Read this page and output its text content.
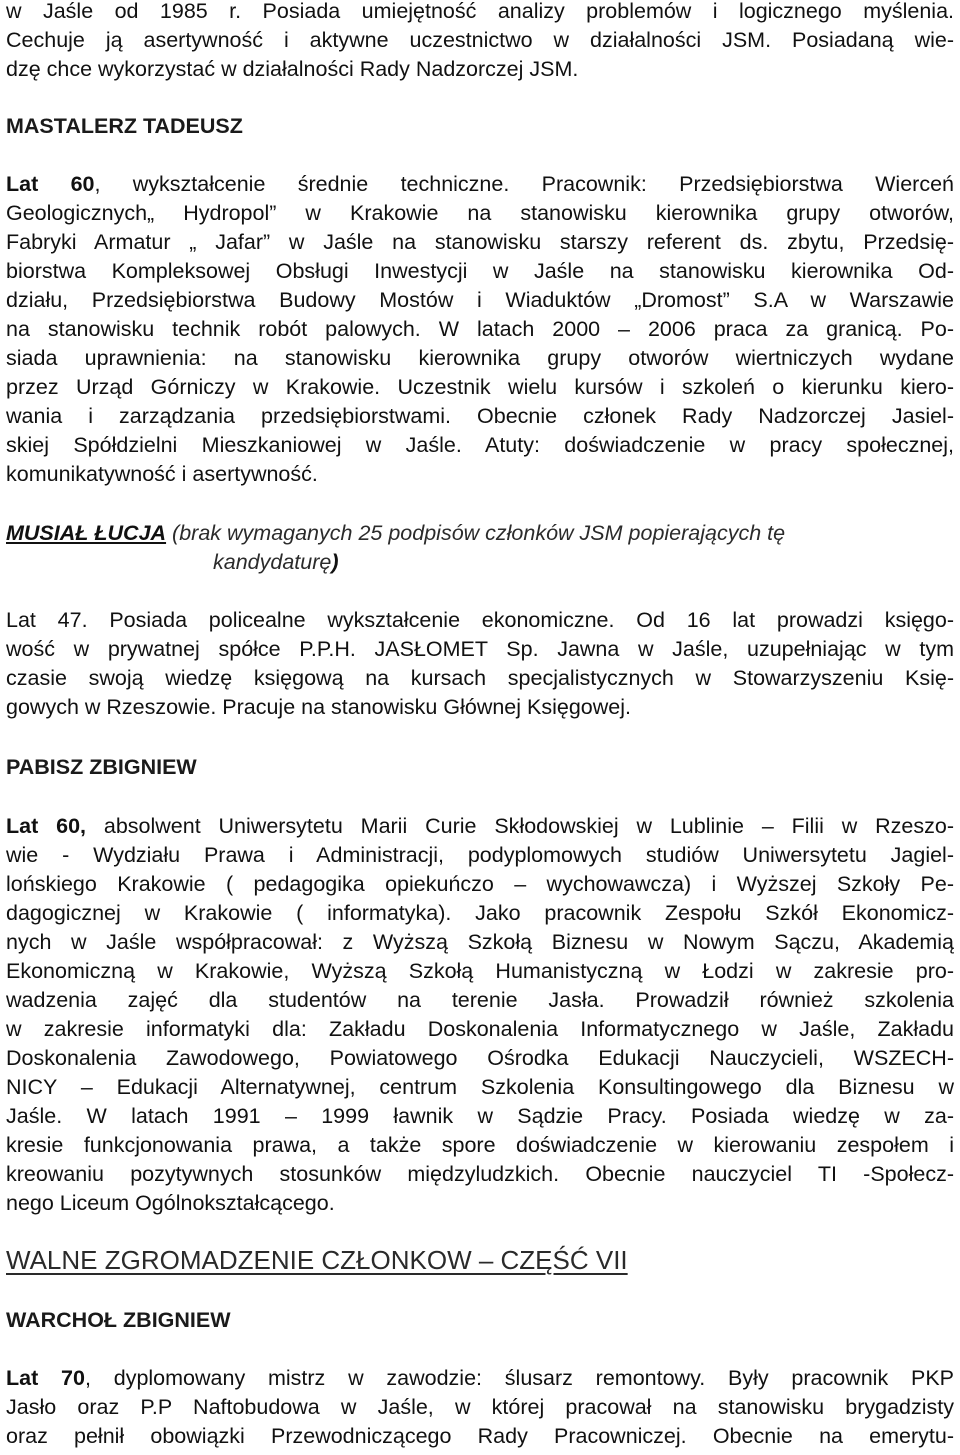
w Jaśle od 1985 r. Posiada umiejętność analizy problemów i logicznego myślenia.
Cechuje ją asertywność i aktywne uczestnictwo w działalności JSM. Posiadaną wie-
dzę chce wykorzystać w działalności Rady Nadzorczej JSM.

MASTALERZ TADEUSZ

Lat 60, wykształcenie średnie techniczne. Pracownik: Przedsiębiorstwa Wierceń
Geologicznych„ Hydropol” w Krakowie na stanowisku kierownika grupy otworów,
Fabryki Armatur „ Jafar” w Jaśle na stanowisku starszy referent ds. zbytu, Przedsię-
biorstwa Kompleksowej Obsługi Inwestycji w Jaśle na stanowisku kierownika Od-
działu, Przedsiębiorstwa Budowy Mostów i Wiaduktów „Dromost” S.A w Warszawie
na stanowisku technik robót palowych. W latach 2000 – 2006 praca za granicą. Po-
siada uprawnienia: na stanowisku kierownika grupy otworów wiertniczych wydane
przez Urząd Górniczy w Krakowie. Uczestnik wielu kursów i szkoleń o kierunku kiero-
wania i zarządzania przedsiębiorstwami. Obecnie członek Rady Nadzorczej Jasiel-
skiej Spółdzielni Mieszkaniowej w Jaśle. Atuty: doświadczenie w pracy społecznej,
komunikatywność i asertywność.

MUSIAŁ ŁUCJA (brak wymaganych 25 podpisów członków JSM popierających tę
kandydaturę)

Lat 47. Posiada policealne wykształcenie ekonomiczne. Od 16 lat prowadzi księgo-
wość w prywatnej spółce P.P.H. JASŁOMET Sp. Jawna w Jaśle, uzupełniając w tym
czasie swoją wiedzę księgową na kursach specjalistycznych w Stowarzyszeniu Księ-
gowych w Rzeszowie. Pracuje na stanowisku Głównej Księgowej.

PABISZ ZBIGNIEW

Lat 60, absolwent Uniwersytetu Marii Curie Skłodowskiej w Lublinie – Filii w Rzeszo-
wie - Wydziału Prawa i Administracji, podyplomowych studiów Uniwersytetu Jagiel-
lońskiego Krakowie ( pedagogika opiekuńczo – wychowawcza) i Wyższej Szkoły Pe-
dagogicznej w Krakowie ( informatyka). Jako pracownik Zespołu Szkół Ekonomicz-
nych w Jaśle współpracował: z Wyższą Szkołą Biznesu w Nowym Sączu, Akademią
Ekonomiczną w Krakowie, Wyższą Szkołą Humanistyczną w Łodzi w zakresie pro-
wadzenia zajęć dla studentów na terenie Jasła. Prowadził również szkolenia
w zakresie informatyki dla: Zakładu Doskonalenia Informatycznego w Jaśle, Zakładu
Doskonalenia Zawodowego, Powiatowego Ośrodka Edukacji Nauczycieli, WSZECH-
NICY – Edukacji Alternatywnej, centrum Szkolenia Konsultingowego dla Biznesu w
Jaśle. W latach 1991 – 1999 ławnik w Sądzie Pracy. Posiada wiedzę w za-
kresie funkcjonowania prawa, a także spore doświadczenie w kierowaniu zespołem i
kreowaniu pozytywnych stosunków międzyludzkich. Obecnie nauczyciel TI -Społecz-
nego Liceum Ogólnokształcącego.

WALNE ZGROMADZENIE CZŁONKOW – CZĘŚĆ VII
WARCHOŁ ZBIGNIEW

Lat 70, dyplomowany mistrz w zawodzie: ślusarz remontowy. Były pracownik PKP
Jasło oraz P.P Naftobudowa w Jaśle, w której pracował na stanowisku brygadzisty
oraz pełnił obowiązki Przewodniczącego Rady Pracowniczej. Obecnie na emerytu-
